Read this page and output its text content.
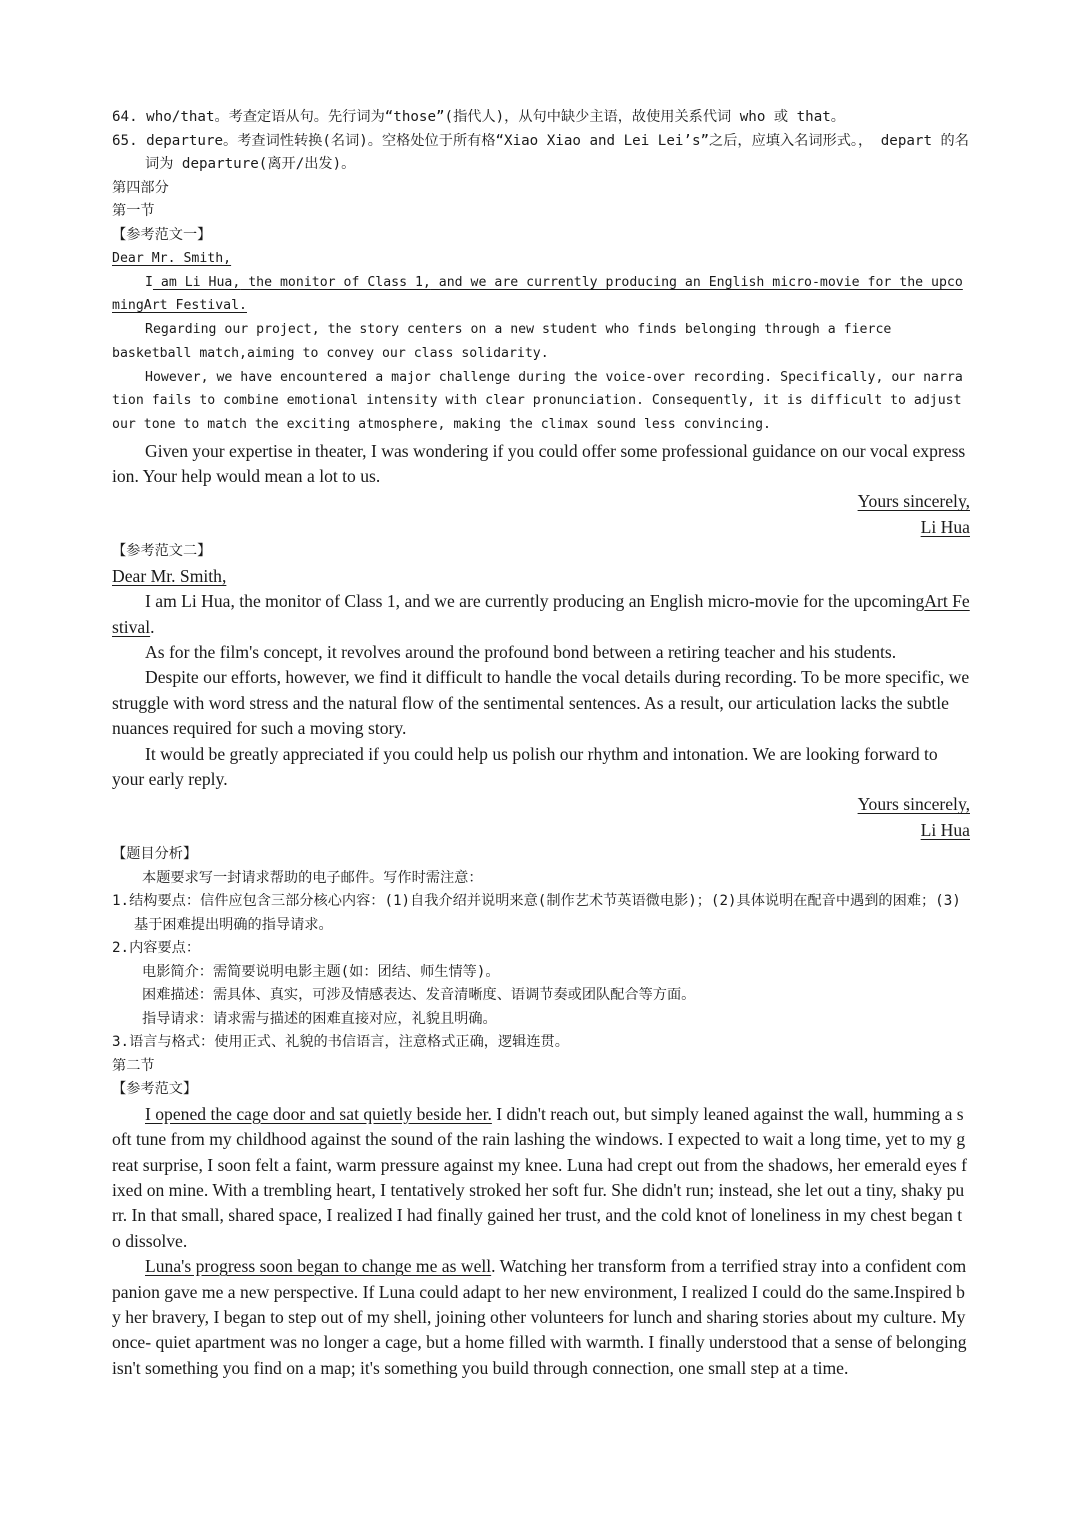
64. who/that。考查定语从句。先行词为“those”(指代人)，从句中缺少主语，故使用关系代词 who 或 that。

65. departure。考查词性转换(名词)。空格处位于所有格“Xiao Xiao and Lei Lei’s”之后，应填入名词形式。， depart 的名词为 departure(离开/出发)。

第四部分

第一节

【参考范文一】

Dear Mr. Smith,

I am Li Hua, the monitor of Class 1, and we are currently producing an English micro-movie for the upcomingArt Festival.

Regarding our project, the story centers on a new student who finds belonging through a fierce basketball match,aiming to convey our class solidarity.

However, we have encountered a major challenge during the voice-over recording. Specifically, our narration fails to combine emotional intensity with clear pronunciation. Consequently, it is difficult to adjust our tone to match the exciting atmosphere, making the climax sound less convincing.

Given your expertise in theater, I was wondering if you could offer some professional guidance on our vocal expression. Your help would mean a lot to us.

Yours sincerely,

Li Hua

【参考范文二】

Dear Mr. Smith,

I am Li Hua, the monitor of Class 1, and we are currently producing an English micro-movie for the upcomingArt Festival.

As for the film's concept, it revolves around the profound bond between a retiring teacher and his students.

Despite our efforts, however, we find it difficult to handle the vocal details during recording. To be more specific, we struggle with word stress and the natural flow of the sentimental sentences. As a result, our articulation lacks the subtle nuances required for such a moving story.

It would be greatly appreciated if you could help us polish our rhythm and intonation. We are looking forward to your early reply.

Yours sincerely,

Li Hua

【题目分析】

本题要求写一封请求帮助的电子邮件。写作时需注意：

1.结构要点：信件应包含三部分核心内容：(1)自我介绍并说明来意(制作艺术节英语微电影)；(2)具体说明在配音中遇到的困难；(3)基于困难提出明确的指导请求。

2.内容要点：

电影简介：需简要说明电影主题(如：团结、师生情等)。

困难描述：需具体、真实，可涉及情感表达、发音清晰度、语调节奏或团队配合等方面。

指导请求：请求需与描述的困难直接对应，礼貌且明确。

3.语言与格式：使用正式、礼貌的书信语言，注意格式正确，逻辑连贯。

第二节

【参考范文】

I opened the cage door and sat quietly beside her. I didn't reach out, but simply leaned against the wall, humming a soft tune from my childhood against the sound of the rain lashing the windows. I expected to wait a long time, yet to my great surprise, I soon felt a faint, warm pressure against my knee. Luna had crept out from the shadows, her emerald eyes fixed on mine. With a trembling heart, I tentatively stroked her soft fur. She didn't run; instead, she let out a tiny, shaky purr. In that small, shared space, I realized I had finally gained her trust, and the cold knot of loneliness in my chest began to dissolve.

Luna's progress soon began to change me as well. Watching her transform from a terrified stray into a confident companion gave me a new perspective. If Luna could adapt to her new environment, I realized I could do the same.Inspired by her bravery, I began to step out of my shell, joining other volunteers for lunch and sharing stories about my culture. My once- quiet apartment was no longer a cage, but a home filled with warmth. I finally understood that a sense of belonging isn't something you find on a map; it's something you build through connection, one small step at a time.
